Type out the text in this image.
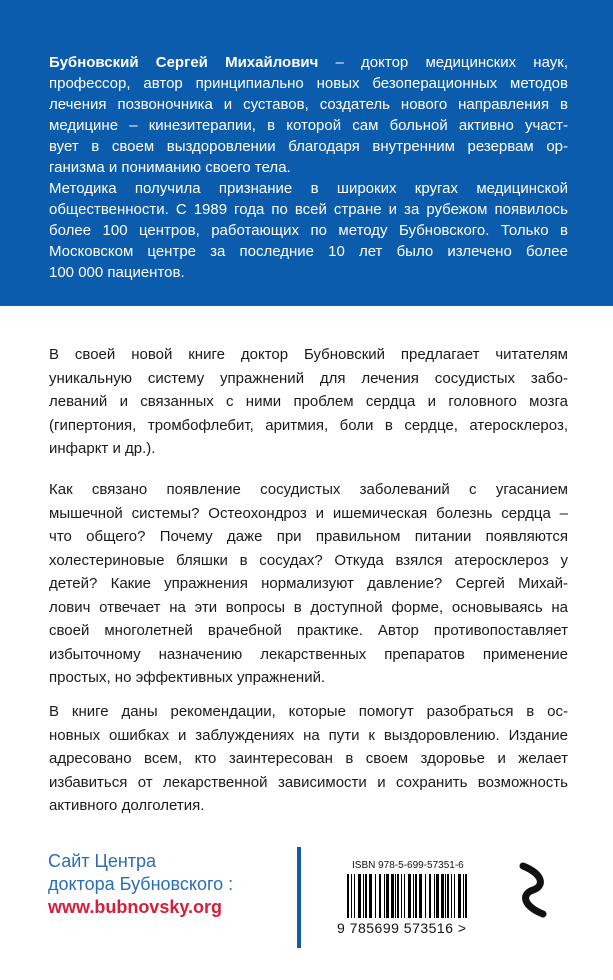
Бубновский Сергей Михайлович – доктор медицинских наук,
профессор, автор принципиально новых безоперационных методов
лечения позвоночника и суставов, создатель нового направления в
медицине – кинезитерапии, в которой сам больной активно участ-
вует в своем выздоровлении благодаря внутренним резервам ор-
ганизма и пониманию своего тела.
Методика получила признание в широких кругах медицинской
общественности. С 1989 года по всей стране и за рубежом появилось
более 100 центров, работающих по методу Бубновского. Только в
Московском центре за последние 10 лет было излечено более
100 000 пациентов.
В своей новой книге доктор Бубновский предлагает читателям
уникальную систему упражнений для лечения сосудистых забо-
леваний и связанных с ними проблем сердца и головного мозга
(гипертония, тромбофлебит, аритмия, боли в сердце, атеросклероз,
инфаркт и др.).
Как связано появление сосудистых заболеваний с угасанием
мышечной системы? Остеохондроз и ишемическая болезнь сердца –
что общего? Почему даже при правильном питании появляются
холестериновые бляшки в сосудах? Откуда взялся атеросклероз у
детей? Какие упражнения нормализуют давление? Сергей Михай-
лович отвечает на эти вопросы в доступной форме, основываясь на
своей многолетней врачебной практике. Автор противопоставляет
избыточному назначению лекарственных препаратов применение
простых, но эффективных упражнений.
В книге даны рекомендации, которые помогут разобраться в ос-
новных ошибках и заблуждениях на пути к выздоровлению. Издание
адресовано всем, кто заинтересован в своем здоровье и желает
избавиться от лекарственной зависимости и сохранить возможность
активного долголетия.
Сайт Центра
доктора Бубновского :
www.bubnovsky.org
ISBN 978-5-699-57351-6
9 785699 573516 >
